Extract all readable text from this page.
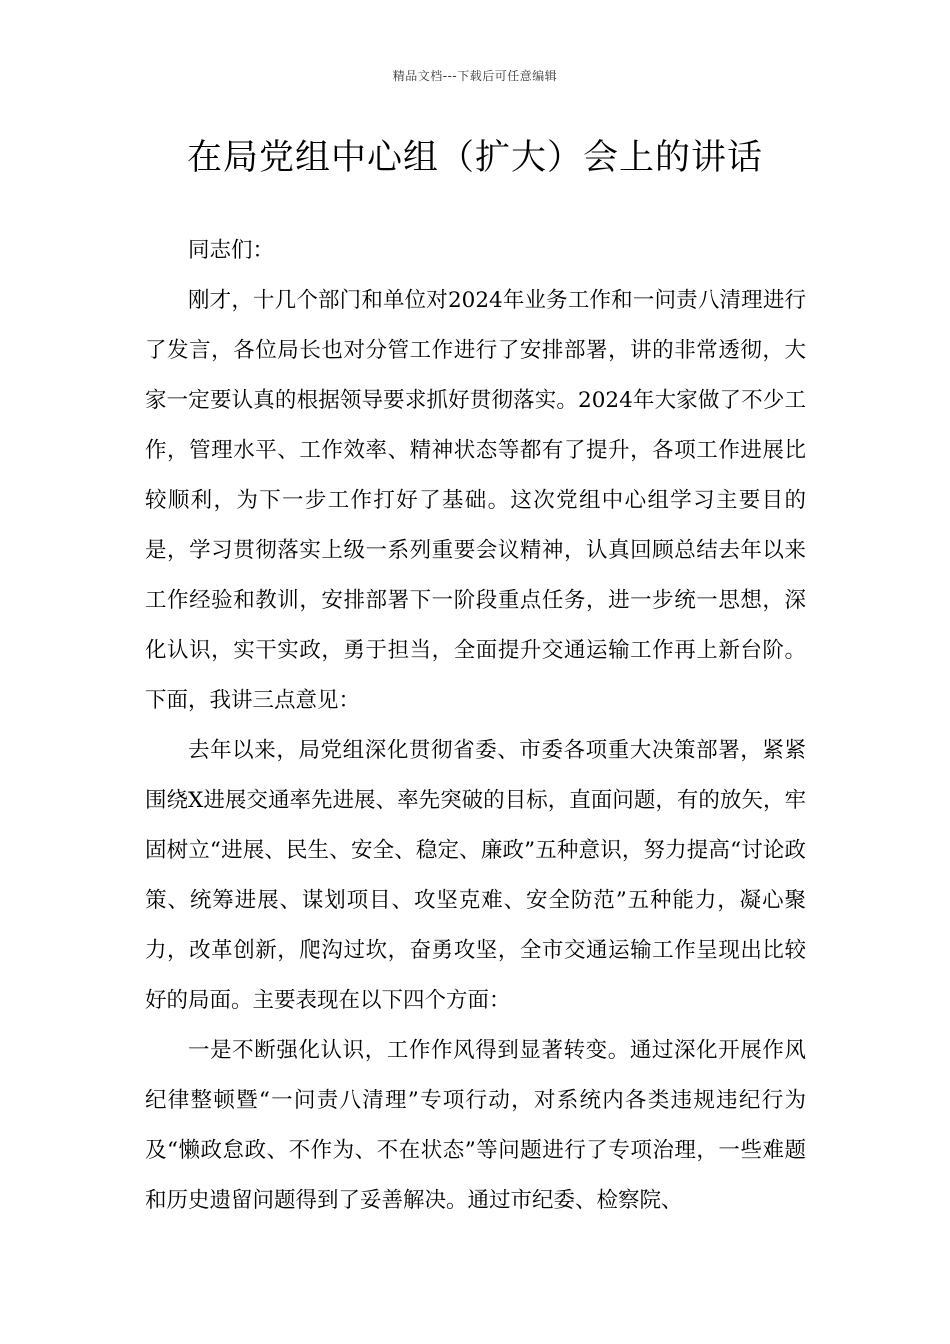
精品文档---下载后可任意编辑
在局党组中心组（扩大）会上的讲话

同志们：

刚才，十几个部门和单位对2024年业务工作和一问责八清理进行了发言，各位局长也对分管工作进行了安排部署，讲的非常透彻，大家一定要认真的根据领导要求抓好贯彻落实。2024年大家做了不少工作，管理水平、工作效率、精神状态等都有了提升，各项工作进展比较顺利，为下一步工作打好了基础。这次党组中心组学习主要目的是，学习贯彻落实上级一系列重要会议精神，认真回顾总结去年以来工作经验和教训，安排部署下一阶段重点任务，进一步统一思想，深化认识，实干实政，勇于担当，全面提升交通运输工作再上新台阶。下面，我讲三点意见：

去年以来，局党组深化贯彻省委、市委各项重大决策部署，紧紧围绕X进展交通率先进展、率先突破的目标，直面问题，有的放矢，牢固树立“进展、民生、安全、稳定、廉政”五种意识，努力提高“讨论政策、统筹进展、谋划项目、攻坚克难、安全防范”五种能力，凝心聚力，改革创新，爬沟过坎，奋勇攻坚，全市交通运输工作呈现出比较好的局面。主要表现在以下四个方面：

一是不断强化认识，工作作风得到显著转变。通过深化开展作风纪律整顿暨“一问责八清理”专项行动，对系统内各类违规违纪行为及“懒政怠政、不作为、不在状态”等问题进行了专项治理，一些难题和历史遗留问题得到了妥善解决。通过市纪委、检察院、
